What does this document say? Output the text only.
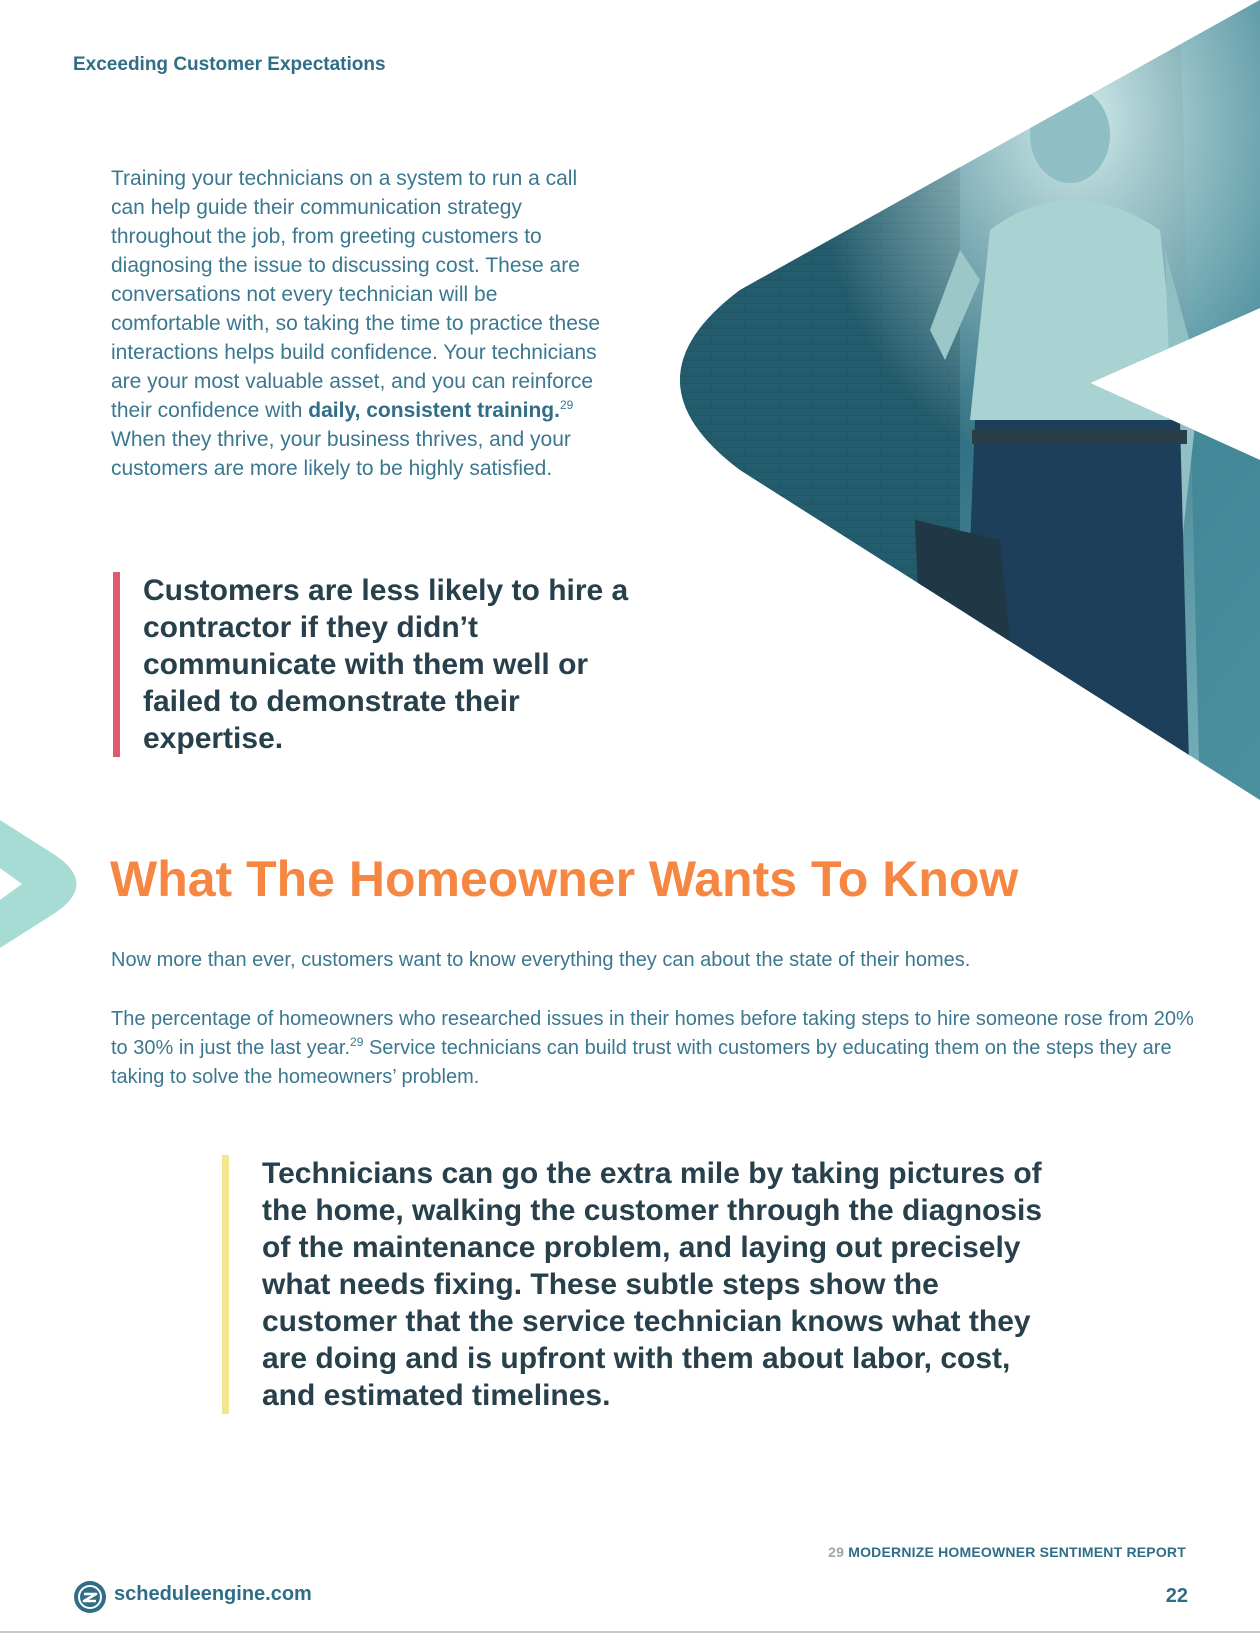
Exceeding Customer Expectations

Training your technicians on a system to run a call can help guide their communication strategy throughout the job, from greeting customers to diagnosing the issue to discussing cost. These are conversations not every technician will be comfortable with, so taking the time to practice these interactions helps build confidence. Your technicians are your most valuable asset, and you can reinforce their confidence with daily, consistent training.$^{29}$ When they thrive, your business thrives, and your customers are more likely to be highly satisfied.

Customers are less likely to hire a contractor if they didn’t communicate with them well or failed to demonstrate their expertise.
What The Homeowner Wants To Know

Now more than ever, customers want to know everything they can about the state of their homes.

The percentage of homeowners who researched issues in their homes before taking steps to hire someone rose from 20% to 30% in just the last year.$^{29}$ Service technicians can build trust with customers by educating them on the steps they are taking to solve the homeowners’ problem.

Technicians can go the extra mile by taking pictures of the home, walking the customer through the diagnosis of the maintenance problem, and laying out precisely what needs fixing. These subtle steps show the customer that the service technician knows what they are doing and is upfront with them about labor, cost, and estimated timelines.
29 MODERNIZE HOMEOWNER SENTIMENT REPORT
scheduleengine.com	22
